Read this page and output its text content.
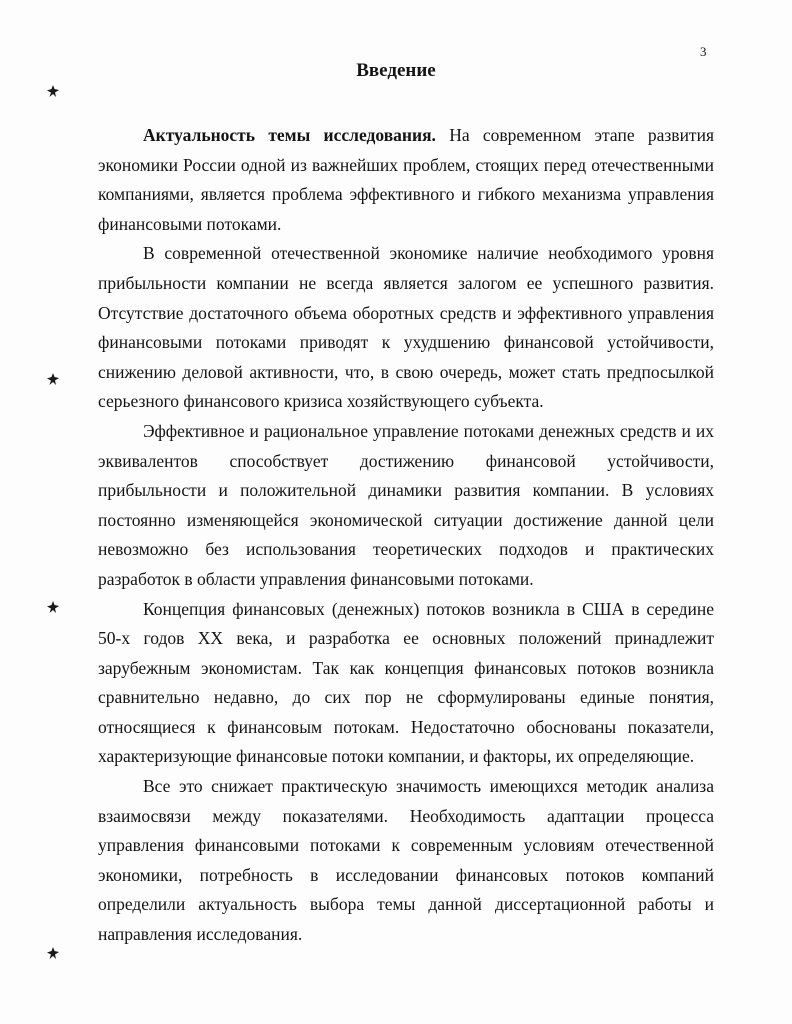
3
Введение

Актуальность темы исследования. На современном этапе развития экономики России одной из важнейших проблем, стоящих перед отечественными компаниями, является проблема эффективного и гибкого механизма управления финансовыми потоками.

В современной отечественной экономике наличие необходимого уровня прибыльности компании не всегда является залогом ее успешного развития. Отсутствие достаточного объема оборотных средств и эффективного управления финансовыми потоками приводят к ухудшению финансовой устойчивости, снижению деловой активности, что, в свою очередь, может стать предпосылкой серьезного финансового кризиса хозяйствующего субъекта.

Эффективное и рациональное управление потоками денежных средств и их эквивалентов способствует достижению финансовой устойчивости, прибыльности и положительной динамики развития компании. В условиях постоянно изменяющейся экономической ситуации достижение данной цели невозможно без использования теоретических подходов и практических разработок в области управления финансовыми потоками.

Концепция финансовых (денежных) потоков возникла в США в середине 50-х годов XX века, и разработка ее основных положений принадлежит зарубежным экономистам. Так как концепция финансовых потоков возникла сравнительно недавно, до сих пор не сформулированы единые понятия, относящиеся к финансовым потокам. Недостаточно обоснованы показатели, характеризующие финансовые потоки компании, и факторы, их определяющие.

Все это снижает практическую значимость имеющихся методик анализа взаимосвязи между показателями. Необходимость адаптации процесса управления финансовыми потоками к современным условиям отечественной экономики, потребность в исследовании финансовых потоков компаний определили актуальность выбора темы данной диссертационной работы и направления исследования.
